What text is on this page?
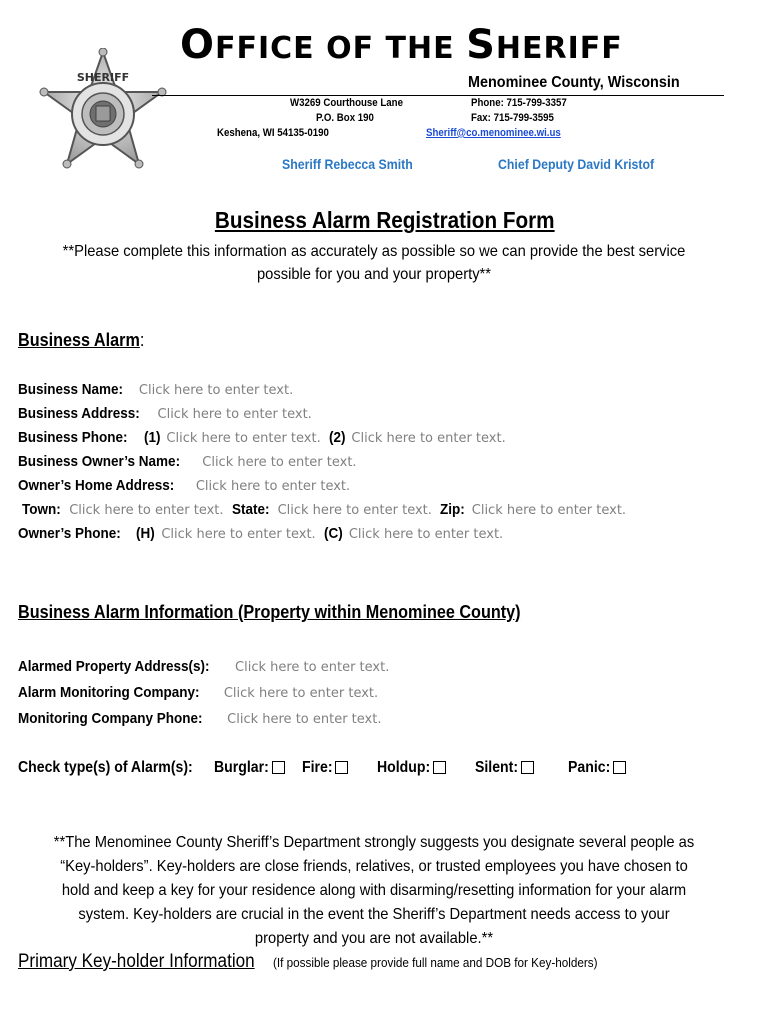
SHERIFF
OFFICE OF THE SHERIFF
Menominee County, Wisconsin
W3269 Courthouse Lane
P.O. Box 190
Keshena, WI 54135-0190
Phone: 715-799-3357
Fax: 715-799-3595
Sheriff@co.menominee.wi.us
Sheriff Rebecca Smith	Chief Deputy David Kristof
Business Alarm Registration Form
**Please complete this information as accurately as possible so we can provide the best service possible for you and your property**
Business Alarm:
Business Name: Click here to enter text.
Business Address: Click here to enter text.
Business Phone: (1) Click here to enter text. (2) Click here to enter text.
Business Owner’s Name: Click here to enter text.
Owner’s Home Address: Click here to enter text.
Town: Click here to enter text. State: Click here to enter text. Zip: Click here to enter text.
Owner’s Phone: (H) Click here to enter text. (C) Click here to enter text.
Business Alarm Information (Property within Menominee County)
Alarmed Property Address(s): Click here to enter text.
Alarm Monitoring Company: Click here to enter text.
Monitoring Company Phone: Click here to enter text.
Check type(s) of Alarm(s): Burglar:	Fire:	Holdup:	Silent:	Panic:
**The Menominee County Sheriff’s Department strongly suggests you designate several people as “Key-holders”. Key-holders are close friends, relatives, or trusted employees you have chosen to hold and keep a key for your residence along with disarming/resetting information for your alarm system. Key-holders are crucial in the event the Sheriff’s Department needs access to your property and you are not available.**
Primary Key-holder Information (If possible please provide full name and DOB for Key-holders)
